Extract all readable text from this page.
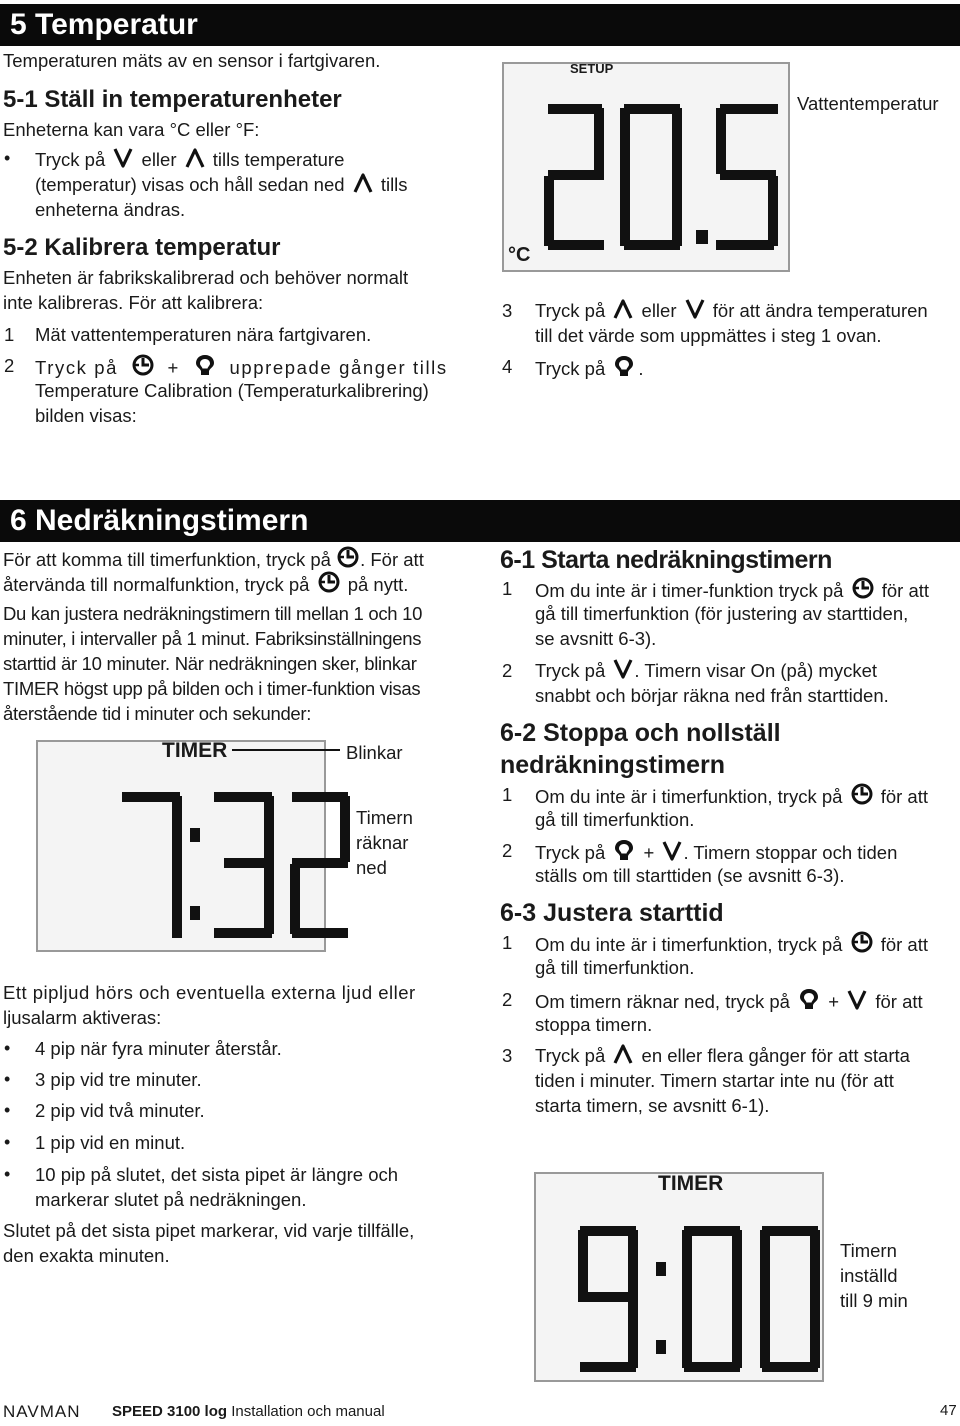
5 Temperatur
Temperaturen mäts av en sensor i fartgivaren.
5-1 Ställ in temperaturenheter
Enheterna kan vara °C eller °F:
• Tryck på eller tills temperature
(temperatur) visas och håll sedan ned tills
enheterna ändras.
5-2 Kalibrera temperatur
Enheten är fabrikskalibrerad och behöver normalt
inte kalibreras. För att kalibrera:
1 Mät vattentemperaturen nära fartgivaren.
2 Tryck på	+	upprepade gånger tills
Temperature Calibration (Temperaturkalibrering)
bilden visas:
SETUP
°C
Vattentemperatur
3 Tryck på eller för att ändra temperaturen
till det värde som uppmättes i steg 1 ovan.
4 Tryck på .
6 Nedräkningstimern
För att komma till timerfunktion, tryck på . För att
återvända till normalfunktion, tryck på på nytt.
Du kan justera nedräkningstimern till mellan 1 och 10
minuter, i intervaller på 1 minut. Fabriksinställningens
starttid är 10 minuter. När nedräkningen sker, blinkar
TIMER högst upp på bilden och i timer-funktion visas
återstående tid i minuter och sekunder:
TIMER	Blinkar
Timern
räknar
ned
Ett pipljud hörs och eventuella externa ljud eller
ljusalarm aktiveras:
• 4 pip när fyra minuter återstår.
• 3 pip vid tre minuter.
• 2 pip vid två minuter.
• 1 pip vid en minut.
• 10 pip på slutet, det sista pipet är längre och
markerar slutet på nedräkningen.
Slutet på det sista pipet markerar, vid varje tillfälle,
den exakta minuten.
6-1 Starta nedräkningstimern
1 Om du inte är i timer-funktion tryck på för att
gå till timerfunktion (för justering av starttiden,
se avsnitt 6-3).
2 Tryck på . Timern visar On (på) mycket
snabbt och börjar räkna ned från starttiden.
6-2 Stoppa och nollställ
nedräkningstimern
1 Om du inte är i timerfunktion, tryck på för att
gå till timerfunktion.
2 Tryck på + . Timern stoppar och tiden
ställs om till starttiden (se avsnitt 6-3).
6-3 Justera starttid
1 Om du inte är i timerfunktion, tryck på för att
gå till timerfunktion.
2 Om timern räknar ned, tryck på + för att
stoppa timern.
3 Tryck på en eller flera gånger för att starta
tiden i minuter. Timern startar inte nu (för att
starta timern, se avsnitt 6-1).
TIMER
Timern
inställd
till 9 min
NAVMAN SPEED 3100 log Installation och manual	47
